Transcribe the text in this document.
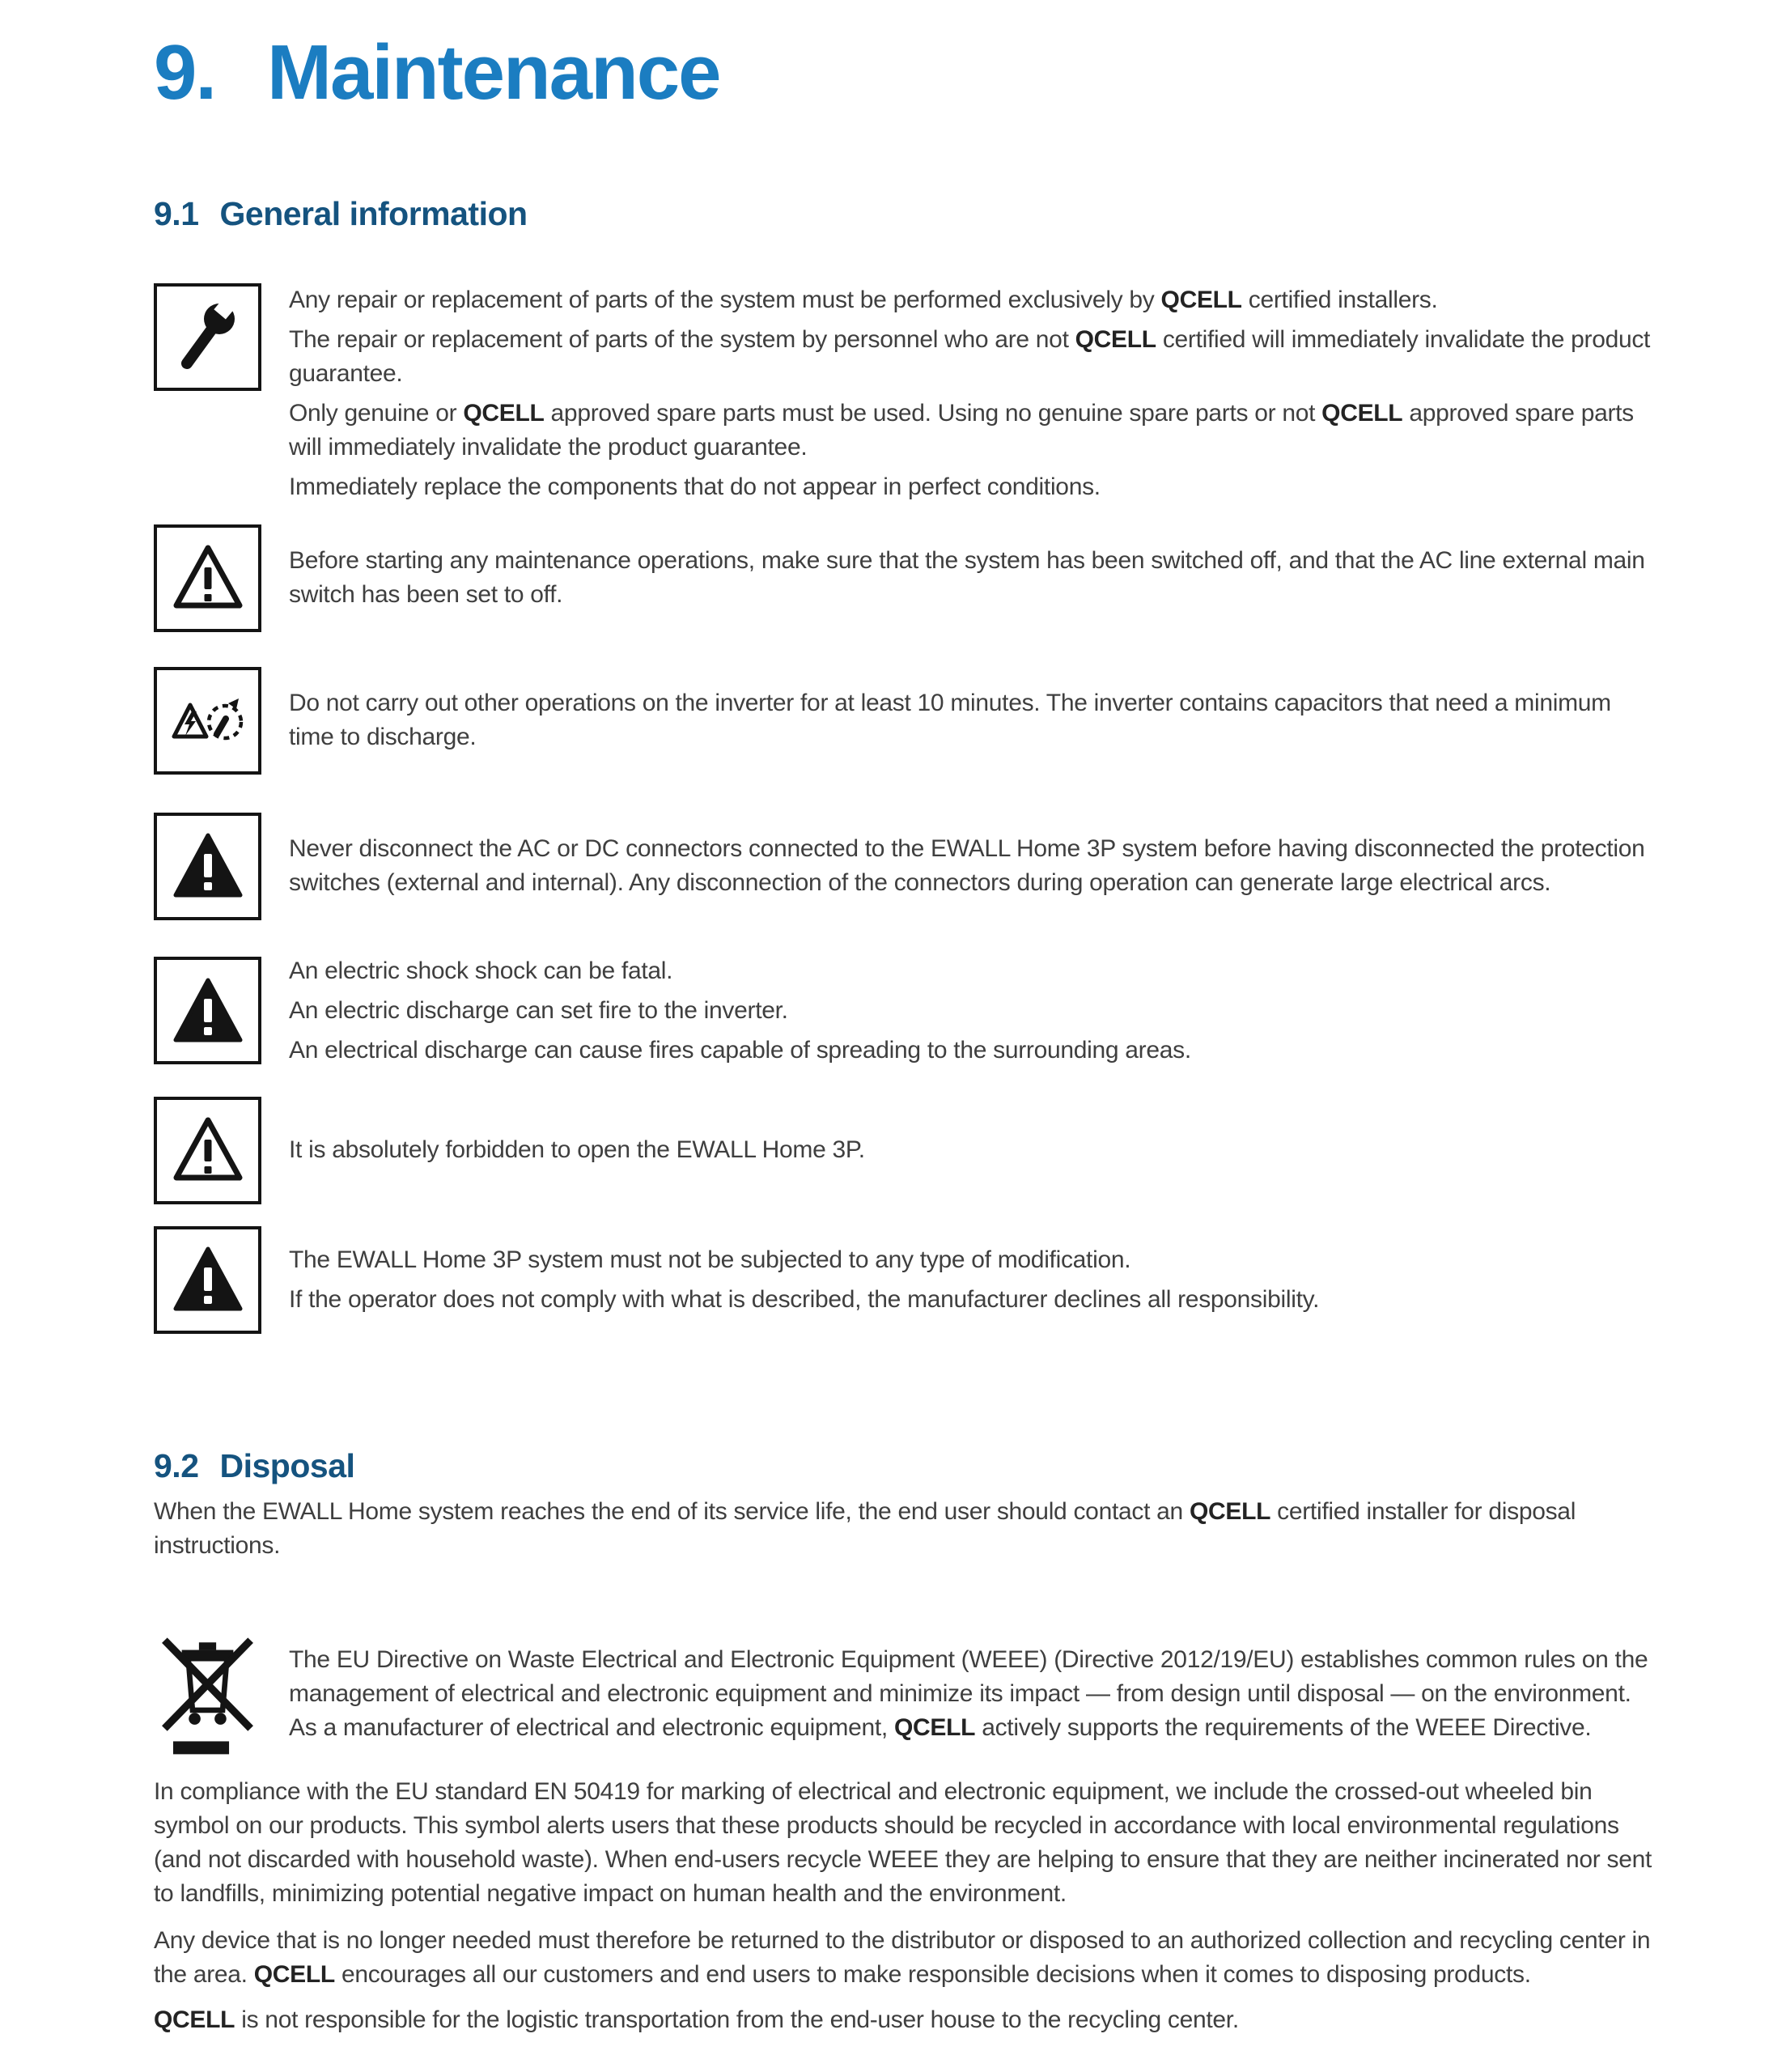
9. Maintenance
9.1 General information

Any repair or replacement of parts of the system must be performed exclusively by QCELL certified installers.

The repair or replacement of parts of the system by personnel who are not QCELL certified will immediately invalidate the product guarantee.

Only genuine or QCELL approved spare parts must be used. Using no genuine spare parts or not QCELL approved spare parts will immediately invalidate the product guarantee.

Immediately replace the components that do not appear in perfect conditions.

Before starting any maintenance operations, make sure that the system has been switched off, and that the AC line external main switch has been set to off.

Do not carry out other operations on the inverter for at least 10 minutes. The inverter contains capacitors that need a minimum time to discharge.

Never disconnect the AC or DC connectors connected to the EWALL Home 3P system before having disconnected the protection switches (external and internal). Any disconnection of the connectors during operation can generate large electrical arcs.

An electric shock shock can be fatal.

An electric discharge can set fire to the inverter.

An electrical discharge can cause fires capable of spreading to the surrounding areas.

It is absolutely forbidden to open the EWALL Home 3P.

The EWALL Home 3P system must not be subjected to any type of modification.

If the operator does not comply with what is described, the manufacturer declines all responsibility.

9.2 Disposal

When the EWALL Home system reaches the end of its service life, the end user should contact an QCELL certified installer for disposal instructions.

The EU Directive on Waste Electrical and Electronic Equipment (WEEE) (Directive 2012/19/EU) establishes common rules on the management of electrical and electronic equipment and minimize its impact — from design until disposal — on the environment. As a manufacturer of electrical and electronic equipment, QCELL actively supports the requirements of the WEEE Directive.

In compliance with the EU standard EN 50419 for marking of electrical and electronic equipment, we include the crossed-out wheeled bin symbol on our products. This symbol alerts users that these products should be recycled in accordance with local environmental regulations (and not discarded with household waste). When end-users recycle WEEE they are helping to ensure that they are neither incinerated nor sent to landfills, minimizing potential negative impact on human health and the environment.

Any device that is no longer needed must therefore be returned to the distributor or disposed to an authorized collection and recycling center in the area. QCELL encourages all our customers and end users to make responsible decisions when it comes to disposing products.

QCELL is not responsible for the logistic transportation from the end-user house to the recycling center.
